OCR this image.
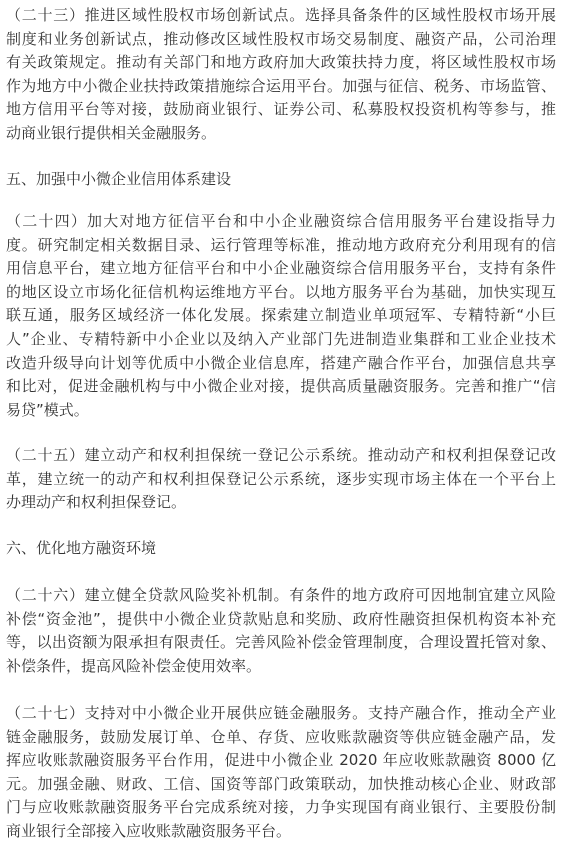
（二十三）推进区域性股权市场创新试点。选择具备条件的区域性股权市场开展
制度和业务创新试点，推动修改区域性股权市场交易制度、融资产品，公司治理
有关政策规定。推动有关部门和地方政府加大政策扶持力度，将区域性股权市场
作为地方中小微企业扶持政策措施综合运用平台。加强与征信、税务、市场监管、
地方信用平台等对接，鼓励商业银行、证券公司、私募股权投资机构等参与，推
动商业银行提供相关金融服务。
五、加强中小微企业信用体系建设
（二十四）加大对地方征信平台和中小企业融资综合信用服务平台建设指导力
度。研究制定相关数据目录、运行管理等标准，推动地方政府充分利用现有的信
用信息平台，建立地方征信平台和中小企业融资综合信用服务平台，支持有条件
的地区设立市场化征信机构运维地方平台。以地方服务平台为基础，加快实现互
联互通，服务区域经济一体化发展。探索建立制造业单项冠军、专精特新“小巨
人”企业、专精特新中小企业以及纳入产业部门先进制造业集群和工业企业技术
改造升级导向计划等优质中小微企业信息库，搭建产融合作平台，加强信息共享
和比对，促进金融机构与中小微企业对接，提供高质量融资服务。完善和推广“信
易贷”模式。
（二十五）建立动产和权利担保统一登记公示系统。推动动产和权利担保登记改
革，建立统一的动产和权利担保登记公示系统，逐步实现市场主体在一个平台上
办理动产和权利担保登记。
六、优化地方融资环境
（二十六）建立健全贷款风险奖补机制。有条件的地方政府可因地制宜建立风险
补偿“资金池”，提供中小微企业贷款贴息和奖励、政府性融资担保机构资本补充
等，以出资额为限承担有限责任。完善风险补偿金管理制度，合理设置托管对象、
补偿条件，提高风险补偿金使用效率。
（二十七）支持对中小微企业开展供应链金融服务。支持产融合作，推动全产业
链金融服务，鼓励发展订单、仓单、存货、应收账款融资等供应链金融产品，发
挥应收账款融资服务平台作用，促进中小微企业 2020 年应收账款融资 8000 亿
元。加强金融、财政、工信、国资等部门政策联动，加快推动核心企业、财政部
门与应收账款融资服务平台完成系统对接，力争实现国有商业银行、主要股份制
商业银行全部接入应收账款融资服务平台。
